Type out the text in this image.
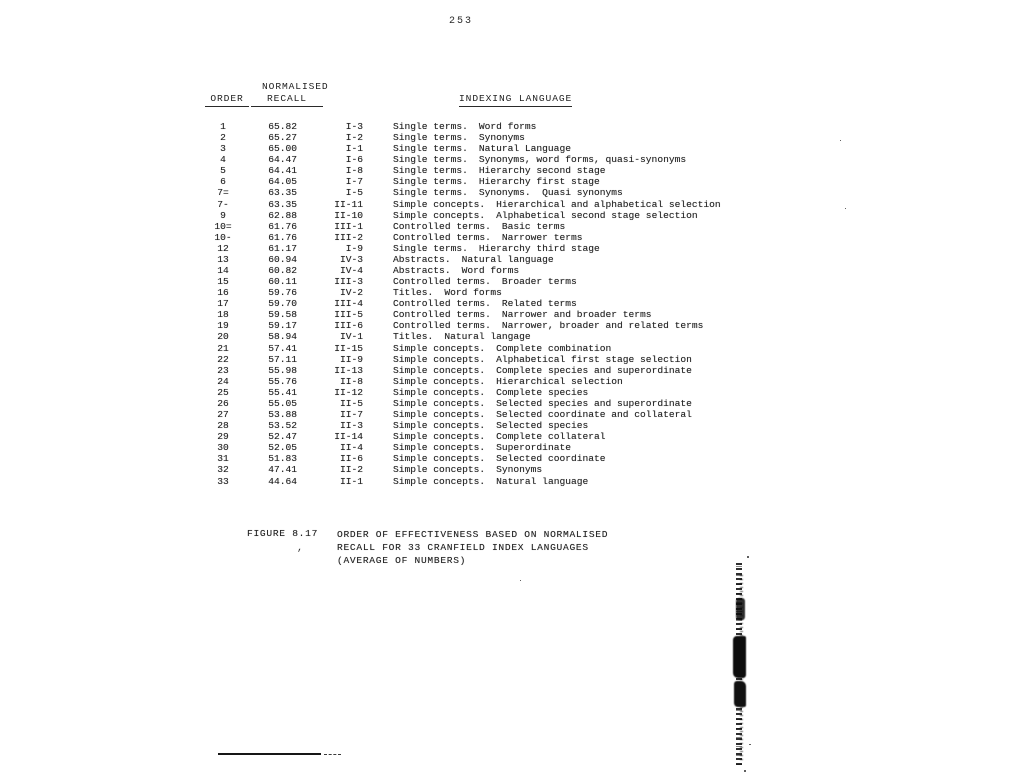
253
NORMALISED
ORDER	RECALL	INDEXING LANGUAGE
1	65.82	I-3	Single terms. Word forms
2	65.27	I-2	Single terms. Synonyms
3	65.00	I-1	Single terms. Natural Language
4	64.47	I-6	Single terms. Synonyms, word forms, quasi-synonyms
5	64.41	I-8	Single terms. Hierarchy second stage
6	64.05	I-7	Single terms. Hierarchy first stage
7=	63.35	I-5	Single terms. Synonyms.  Quasi synonyms
7-	63.35	II-11	Simple concepts. Hierarchical and alphabetical selection
9	62.88	II-10	Simple concepts. Alphabetical second stage selection
10=	61.76	III-1	Controlled terms. Basic terms
10-	61.76	III-2	Controlled terms. Narrower terms
12	61.17	I-9	Single terms. Hierarchy third stage
13	60.94	IV-3	Abstracts. Natural language
14	60.82	IV-4	Abstracts. Word forms
15	60.11	III-3	Controlled terms. Broader terms
16	59.76	IV-2	Titles. Word forms
17	59.70	III-4	Controlled terms. Related terms
18	59.58	III-5	Controlled terms. Narrower and broader terms
19	59.17	III-6	Controlled terms. Narrower, broader and related terms
20	58.94	IV-1	Titles. Natural langage
21	57.41	II-15	Simple concepts. Complete combination
22	57.11	II-9	Simple concepts. Alphabetical first stage selection
23	55.98	II-13	Simple concepts. Complete species and superordinate
24	55.76	II-8	Simple concepts. Hierarchical selection
25	55.41	II-12	Simple concepts. Complete species
26	55.05	II-5	Simple concepts. Selected species and superordinate
27	53.88	II-7	Simple concepts. Selected coordinate and collateral
28	53.52	II-3	Simple concepts. Selected species
29	52.47	II-14	Simple concepts. Complete collateral
30	52.05	II-4	Simple concepts. Superordinate
31	51.83	II-6	Simple concepts. Selected coordinate
32	47.41	II-2	Simple concepts. Synonyms
33	44.64	II-1	Simple concepts. Natural language
FIGURE 8.17	ORDER OF EFFECTIVENESS BASED ON NORMALISED
RECALL FOR 33 CRANFIELD INDEX LANGUAGES
(AVERAGE OF NUMBERS)
,
